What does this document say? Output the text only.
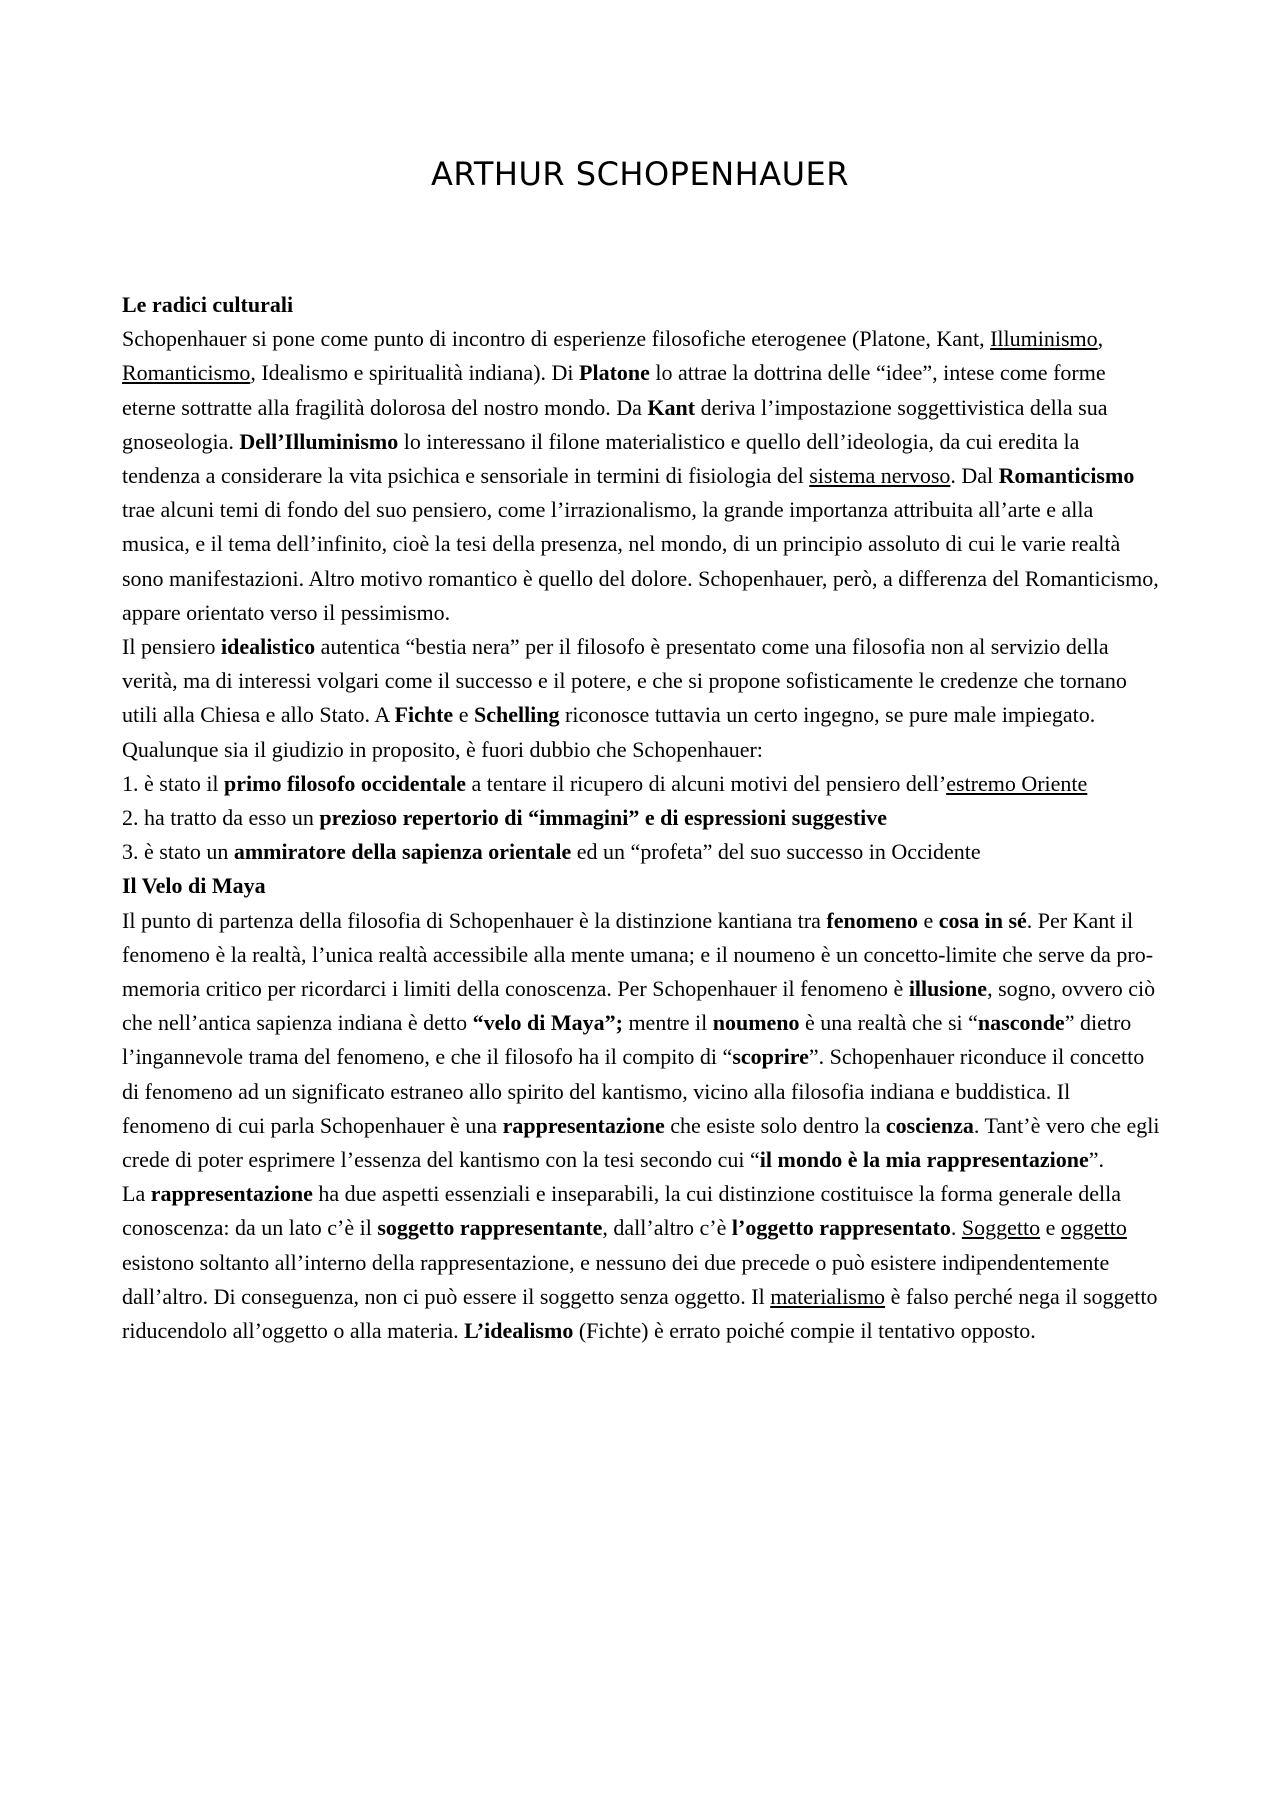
ARTHUR SCHOPENHAUER
Le radici culturali

Schopenhauer si pone come punto di incontro di esperienze filosofiche eterogenee (Platone, Kant, Illuminismo, Romanticismo, Idealismo e spiritualità indiana). Di Platone lo attrae la dottrina delle “idee”, intese come forme eterne sottratte alla fragilità dolorosa del nostro mondo. Da Kant deriva l’impostazione soggettivistica della sua gnoseologia. Dell’Illuminismo lo interessano il filone materialistico e quello dell’ideologia, da cui eredita la tendenza a considerare la vita psichica e sensoriale in termini di fisiologia del sistema nervoso. Dal Romanticismo trae alcuni temi di fondo del suo pensiero, come l’irrazionalismo, la grande importanza attribuita all’arte e alla musica, e il tema dell’infinito, cioè la tesi della presenza, nel mondo, di un principio assoluto di cui le varie realtà sono manifestazioni. Altro motivo romantico è quello del dolore. Schopenhauer, però, a differenza del Romanticismo, appare orientato verso il pessimismo.

Il pensiero idealistico autentica “bestia nera” per il filosofo è presentato come una filosofia non al servizio della verità, ma di interessi volgari come il successo e il potere, e che si propone sofisticamente le credenze che tornano utili alla Chiesa e allo Stato. A Fichte e Schelling riconosce tuttavia un certo ingegno, se pure male impiegato.

Qualunque sia il giudizio in proposito, è fuori dubbio che Schopenhauer:

1. è stato il primo filosofo occidentale a tentare il ricupero di alcuni motivi del pensiero dell’estremo Oriente

2. ha tratto da esso un prezioso repertorio di “immagini” e di espressioni suggestive

3. è stato un ammiratore della sapienza orientale ed un “profeta” del suo successo in Occidente

Il Velo di Maya

Il punto di partenza della filosofia di Schopenhauer è la distinzione kantiana tra fenomeno e cosa in sé. Per Kant il fenomeno è la realtà, l’unica realtà accessibile alla mente umana; e il noumeno è un concetto-limite che serve da pro-memoria critico per ricordarci i limiti della conoscenza. Per Schopenhauer il fenomeno è illusione, sogno, ovvero ciò che nell’antica sapienza indiana è detto “velo di Maya”; mentre il noumeno è una realtà che si “nasconde” dietro l’ingannevole trama del fenomeno, e che il filosofo ha il compito di “scoprire”. Schopenhauer riconduce il concetto di fenomeno ad un significato estraneo allo spirito del kantismo, vicino alla filosofia indiana e buddistica. Il fenomeno di cui parla Schopenhauer è una rappresentazione che esiste solo dentro la coscienza. Tant’è vero che egli crede di poter esprimere l’essenza del kantismo con la tesi secondo cui “il mondo è la mia rappresentazione”.

La rappresentazione ha due aspetti essenziali e inseparabili, la cui distinzione costituisce la forma generale della conoscenza: da un lato c’è il soggetto rappresentante, dall’altro c’è l’oggetto rappresentato. Soggetto e oggetto esistono soltanto all’interno della rappresentazione, e nessuno dei due precede o può esistere indipendentemente dall’altro. Di conseguenza, non ci può essere il soggetto senza oggetto. Il materialismo è falso perché nega il soggetto riducendolo all’oggetto o alla materia. L’idealismo (Fichte) è errato poiché compie il tentativo opposto.
